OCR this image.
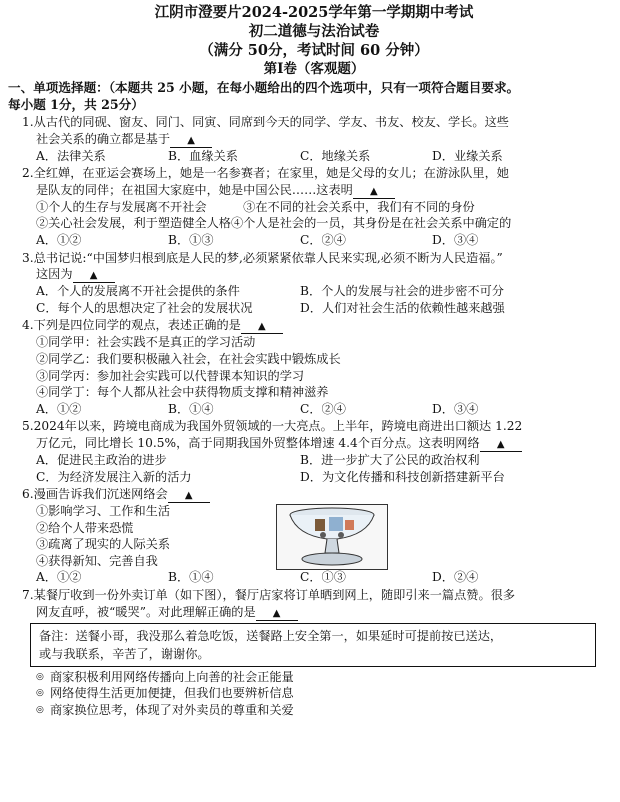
江阴市澄要片2024-2025学年第一学期期中考试
初二道德与法治试卷
（满分 50分，考试时间 60 分钟）
第Ⅰ卷（客观题）
一、单项选择题：（本题共 25 小题，在每小题给出的四个选项中，只有一项符合题目要求。
每小题 1分，共 25分）
1.从古代的同砚、窗友、同门、同寅、同席到今天的同学、学友、书友、校友、学长。这些
社会关系的确立都是基于 ▲
A．法律关系	B．血缘关系	C．地缘关系	D．业缘关系
2.全红婵，在亚运会赛场上，她是一名参赛者；在家里，她是父母的女儿；在游泳队里，她
是队友的同伴；在祖国大家庭中，她是中国公民……这表明 ▲
①个人的生存与发展离不开社会　　　③在不同的社会关系中，我们有不同的身份
②关心社会发展，利于塑造健全人格④个人是社会的一员，其身份是在社会关系中确定的
A．①②	B．①③	C．②④	D．③④
3.总书记说:“中国梦归根到底是人民的梦,必须紧紧依靠人民来实现,必须不断为人民造福。”
这因为 ▲
A．个人的发展离不开社会提供的条件	B．个人的发展与社会的进步密不可分
C．每个人的思想决定了社会的发展状况	D．人们对社会生活的依赖性越来越强
4.下列是四位同学的观点，表述正确的是 ▲
①同学甲：社会实践不是真正的学习活动
②同学乙：我们要积极融入社会，在社会实践中锻炼成长
③同学丙：参加社会实践可以代替课本知识的学习
④同学丁：每个人都从社会中获得物质支撑和精神滋养
A．①②	B．①④	C．②④	D．③④
5.2024年以来，跨境电商成为我国外贸领域的一大亮点。上半年，跨境电商进出口额达 1.22
万亿元，同比增长 10.5%，高于同期我国外贸整体增速 4.4个百分点。这表明网络 ▲
A．促进民主政治的进步	B．进一步扩大了公民的政治权利
C．为经济发展注入新的活力	D．为文化传播和科技创新搭建新平台
6.漫画告诉我们沉迷网络会 ▲
①影响学习、工作和生活
②给个人带来恐慌
③疏离了现实的人际关系
④获得新知、完善自我
A．①②	B．①④	C．①③	D．②④
7.某餐厅收到一份外卖订单（如下图），餐厅店家将订单晒到网上，随即引来一篇点赞。很多
网友直呼，被“暖哭”。对此理解正确的是 ▲
备注：送餐小哥，我没那么着急吃饭，送餐路上安全第一，如果延时可提前按已送达，
或与我联系，辛苦了，谢谢你。
◎ 商家积极利用网络传播向上向善的社会正能量
◎ 网络使得生活更加便捷，但我们也要辨析信息
◎ 商家换位思考，体现了对外卖员的尊重和关爱
